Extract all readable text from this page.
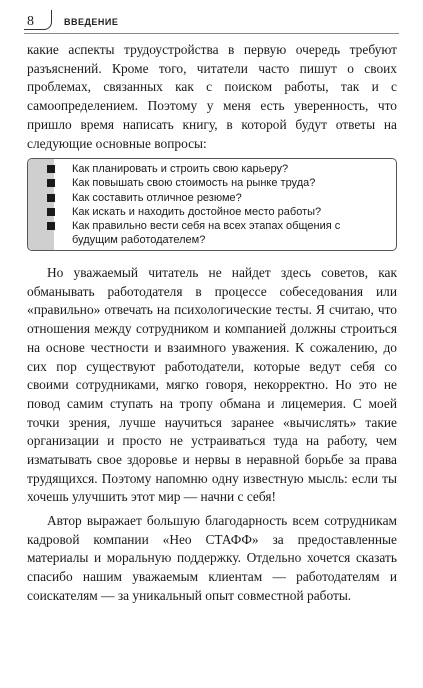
8	ВВЕДЕНИЕ

какие аспекты трудоустройства в первую очередь требуют разъяснений. Кроме того, читатели часто пишут о своих проблемах, связанных как с поиском работы, так и с самоопределением. Поэтому у меня есть уверенность, что пришло время написать книгу, в которой будут ответы на следующие основные вопросы:

Как планировать и строить свою карьеру?
Как повышать свою стоимость на рынке труда?
Как составить отличное резюме?
Как искать и находить достойное место работы?
Как правильно вести себя на всех этапах общения с будущим работодателем?

Но уважаемый читатель не найдет здесь советов, как обманывать работодателя в процессе собеседования или «правильно» отвечать на психологические тесты. Я считаю, что отношения между сотрудником и компанией должны строиться на основе честности и взаимного уважения. К сожалению, до сих пор существуют работодатели, которые ведут себя со своими сотрудниками, мягко говоря, некорректно. Но это не повод самим ступать на тропу обмана и лицемерия. С моей точки зрения, лучше научиться заранее «вычислять» такие организации и просто не устраиваться туда на работу, чем изматывать свое здоровье и нервы в неравной борьбе за права трудящихся. Поэтому напомню одну известную мысль: если ты хочешь улучшить этот мир — начни с себя!

Автор выражает большую благодарность всем сотрудникам кадровой компании «Нео СТАФФ» за предоставленные материалы и моральную поддержку. Отдельно хочется сказать спасибо нашим уважаемым клиентам — работодателям и соискателям — за уникальный опыт совместной работы.
